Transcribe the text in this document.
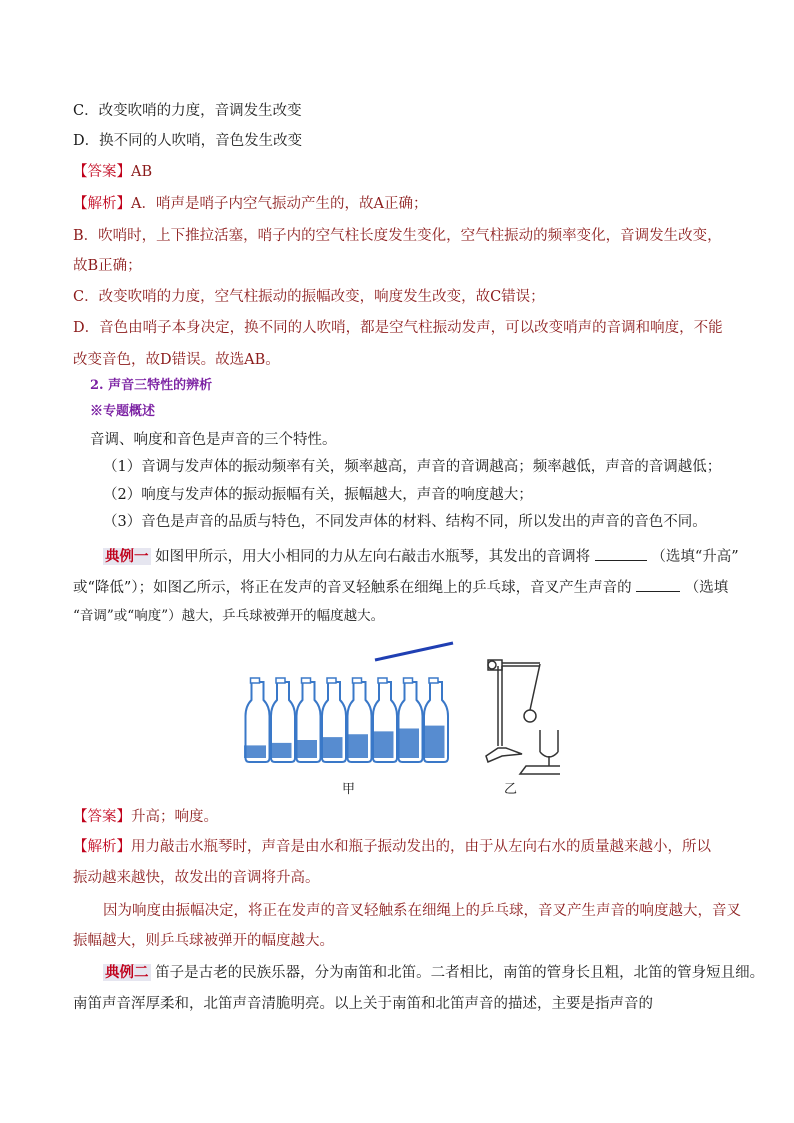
C．改变吹哨的力度，音调发生改变
D．换不同的人吹哨，音色发生改变
【答案】AB
【解析】A．哨声是哨子内空气振动产生的，故A正确；
B．吹哨时，上下推拉活塞，哨子内的空气柱长度发生变化，空气柱振动的频率变化，音调发生改变，
故B正确；
C．改变吹哨的力度，空气柱振动的振幅改变，响度发生改变，故C错误；
D．音色由哨子本身决定，换不同的人吹哨，都是空气柱振动发声，可以改变哨声的音调和响度，不能
改变音色，故D错误。故选AB。
2. 声音三特性的辨析
※专题概述
音调、响度和音色是声音的三个特性。
（1）音调与发声体的振动频率有关，频率越高，声音的音调越高；频率越低，声音的音调越低；
（2）响度与发声体的振动振幅有关，振幅越大，声音的响度越大；
（3）音色是声音的品质与特色，不同发声体的材料、结构不同，所以发出的声音的音色不同。
典例一 如图甲所示，用大小相同的力从左向右敲击水瓶琴，其发出的音调将	（选填“升高”
或“降低”）；如图乙所示，将正在发声的音叉轻触系在细绳上的乒乓球，音叉产生声音的	（选填
“音调”或“响度”）越大，乒乓球被弹开的幅度越大。
甲	乙
【答案】升高；响度。
【解析】用力敲击水瓶琴时，声音是由水和瓶子振动发出的，由于从左向右水的质量越来越小，所以
振动越来越快，故发出的音调将升高。
因为响度由振幅决定，将正在发声的音叉轻触系在细绳上的乒乓球，音叉产生声音的响度越大，音叉
振幅越大，则乒乓球被弹开的幅度越大。
典例二 笛子是古老的民族乐器，分为南笛和北笛。二者相比，南笛的管身长且粗，北笛的管身短且细。
南笛声音浑厚柔和，北笛声音清脆明亮。以上关于南笛和北笛声音的描述，主要是指声音的
